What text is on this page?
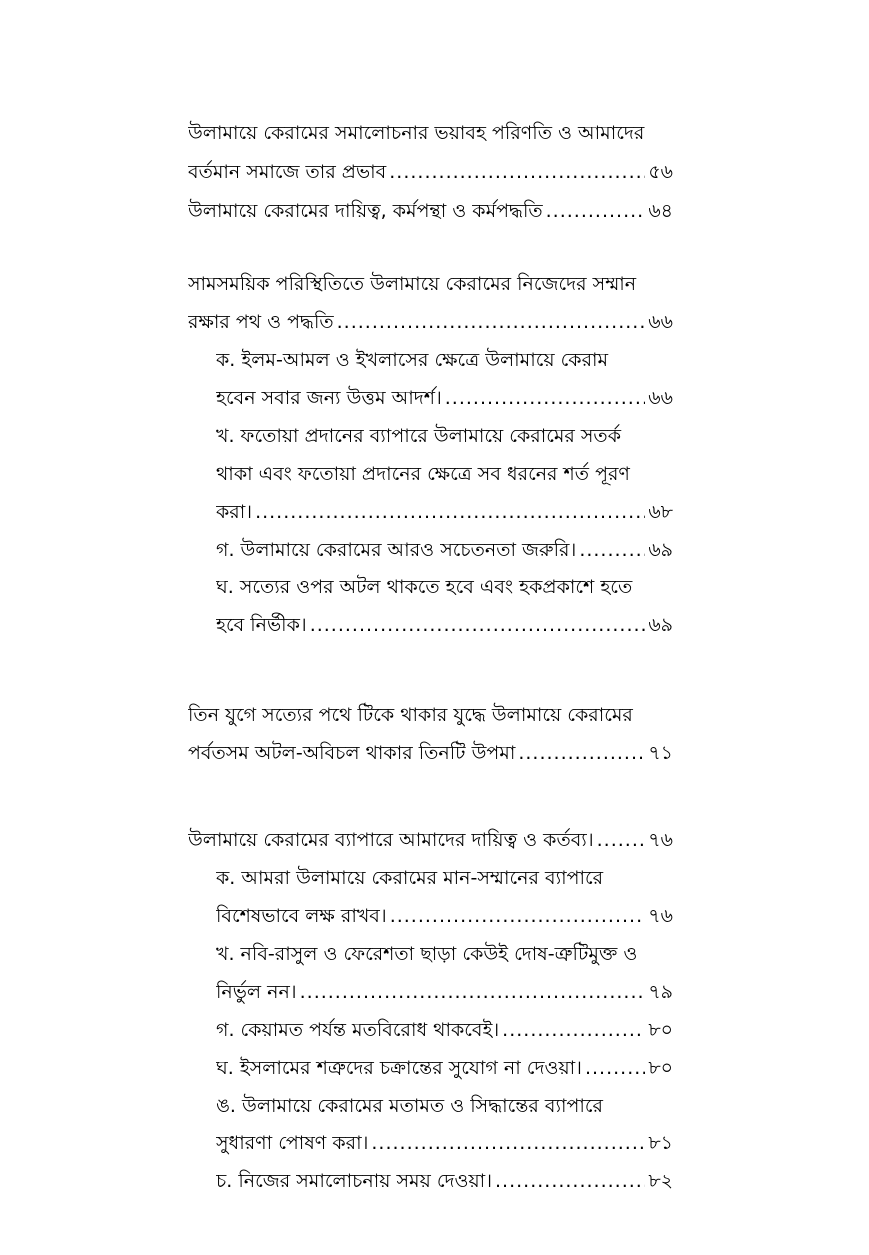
উলামায়ে কেরামের সমালোচনার ভয়াবহ পরিণতি ও আমাদের
বর্তমান সমাজে তার প্রভাব .....	৫৬
উলামায়ে কেরামের দায়িত্ব, কর্মপন্থা ও কর্মপদ্ধতি .....	৬৪
সামসময়িক পরিস্থিতিতে উলামায়ে কেরামের নিজেদের সম্মান
রক্ষার পথ ও পদ্ধতি .....	৬৬
ক. ইলম-আমল ও ইখলাসের ক্ষেত্রে উলামায়ে কেরাম
হবেন সবার জন্য উত্তম আদর্শ। .....	৬৬
খ. ফতোয়া প্রদানের ব্যাপারে উলামায়ে কেরামের সতর্ক
থাকা এবং ফতোয়া প্রদানের ক্ষেত্রে সব ধরনের শর্ত পূরণ
করা। .....	৬৮
গ. উলামায়ে কেরামের আরও সচেতনতা জরুরি। .....	৬৯
ঘ. সত্যের ওপর অটল থাকতে হবে এবং হকপ্রকাশে হতে
হবে নির্ভীক। .....	৬৯
তিন যুগে সত্যের পথে টিকে থাকার যুদ্ধে উলামায়ে কেরামের
পর্বতসম অটল-অবিচল থাকার তিনটি উপমা .....	৭১
উলামায়ে কেরামের ব্যাপারে আমাদের দায়িত্ব ও কর্তব্য। .....	৭৬
ক. আমরা উলামায়ে কেরামের মান-সম্মানের ব্যাপারে
বিশেষভাবে লক্ষ রাখব। .....	৭৬
খ. নবি-রাসুল ও ফেরেশতা ছাড়া কেউই দোষ-ত্রুটিমুক্ত ও
নির্ভুল নন। .....	৭৯
গ. কেয়ামত পর্যন্ত মতবিরোধ থাকবেই। .....	৮০
ঘ. ইসলামের শত্রুদের চক্রান্তের সুযোগ না দেওয়া। .....	৮০
ঙ. উলামায়ে কেরামের মতামত ও সিদ্ধান্তের ব্যাপারে
সুধারণা পোষণ করা। .....	৮১
চ. নিজের সমালোচনায় সময় দেওয়া। .....	৮২
